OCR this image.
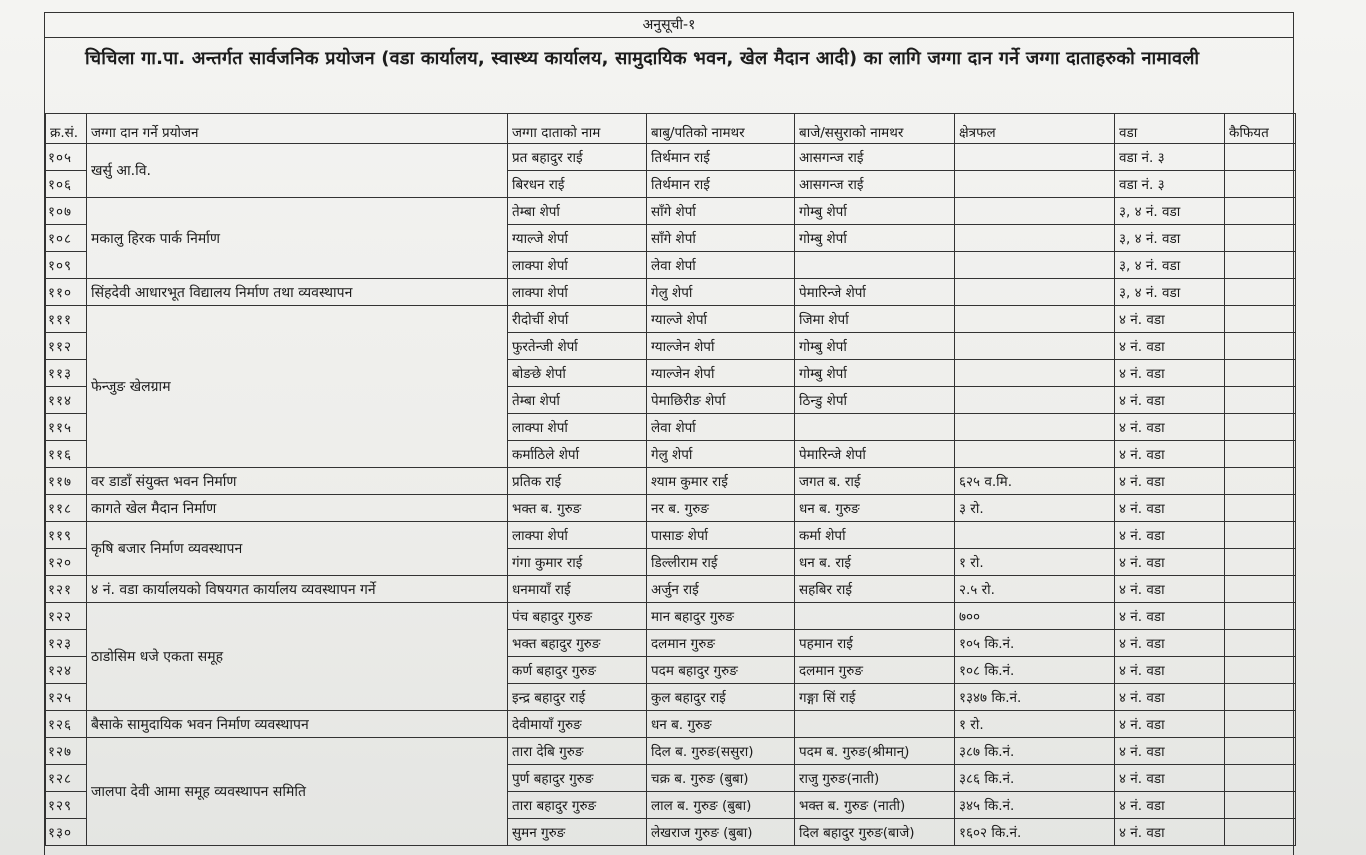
अनुसूची-१
चिचिला गा.पा. अन्तर्गत सार्वजनिक प्रयोजन (वडा कार्यालय, स्वास्थ्य कार्यालय, सामुदायिक भवन, खेल मैदान आदी) का लागि जग्गा दान गर्ने जग्गा दाताहरुको नामावली
क्र.सं.	जग्गा दान गर्ने प्रयोजन	जग्गा दाताको नाम	बाबु/पतिको नामथर	बाजे/ससुराको नामथर	क्षेत्रफल	वडा	कैफियत
१०५	खर्सु आ.वि.	प्रत बहादुर राई	तिर्थमान राई	आसगन्ज राई		वडा नं. ३	
१०६		बिरधन राई	तिर्थमान राई	आसगन्ज राई		वडा नं. ३	
१०७	मकालु हिरक पार्क निर्माण	तेम्बा शेर्पा	साँगे शेर्पा	गोम्बु शेर्पा		३, ४ नं. वडा	
१०८		ग्याल्जे शेर्पा	साँगे शेर्पा	गोम्बु शेर्पा		३, ४ नं. वडा	
१०९		लाक्पा शेर्पा	लेवा शेर्पा			३, ४ नं. वडा	
११०	सिंहदेवी आधारभूत विद्यालय निर्माण तथा व्यवस्थापन	लाक्पा शेर्पा	गेलु शेर्पा	पेमारिन्जे शेर्पा		३, ४ नं. वडा	
१११	फेन्जुङ खेलग्राम	रीदोर्ची शेर्पा	ग्याल्जे शेर्पा	जिमा शेर्पा		४ नं. वडा	
११२		फुरतेन्जी शेर्पा	ग्याल्जेन शेर्पा	गोम्बु शेर्पा		४ नं. वडा	
११३		बोङछे शेर्पा	ग्याल्जेन शेर्पा	गोम्बु शेर्पा		४ नं. वडा	
११४		तेम्बा शेर्पा	पेमाछिरीङ शेर्पा	ठिन्डु शेर्पा		४ नं. वडा	
११५		लाक्पा शेर्पा	लेवा शेर्पा			४ नं. वडा	
११६		कर्माठिले शेर्पा	गेलु शेर्पा	पेमारिन्जे शेर्पा		४ नं. वडा	
११७	वर डाडाँ संयुक्त भवन निर्माण	प्रतिक राई	श्याम कुमार राई	जगत ब. राई	६२५ व.मि.	४ नं. वडा	
११८	कागते खेल मैदान निर्माण	भक्त ब. गुरुङ	नर ब. गुरुङ	धन ब. गुरुङ	३ रो.	४ नं. वडा	
११९	कृषि बजार निर्माण व्यवस्थापन	लाक्पा शेर्पा	पासाङ शेर्पा	कर्मा शेर्पा		४ नं. वडा	
१२०		गंगा कुमार राई	डिल्लीराम राई	धन ब. राई	१ रो.	४ नं. वडा	
१२१	४ नं. वडा कार्यालयको विषयगत कार्यालय व्यवस्थापन गर्ने	धनमायाँ राई	अर्जुन राई	सहबिर राई	२.५ रो.	४ नं. वडा	
१२२	ठाडोसिम धजे एकता समूह	पंच बहादुर गुरुङ	मान बहादुर गुरुङ		७००	४ नं. वडा	
१२३		भक्त बहादुर गुरुङ	दलमान गुरुङ	पहमान राई	१०५ कि.नं.	४ नं. वडा	
१२४		कर्ण बहादुर गुरुङ	पदम बहादुर गुरुङ	दलमान गुरुङ	१०८ कि.नं.	४ नं. वडा	
१२५		इन्द्र बहादुर राई	कुल बहादुर राई	गङ्गा सिं राई	१३४७ कि.नं.	४ नं. वडा	
१२६	बैसाके सामुदायिक भवन निर्माण व्यवस्थापन	देवीमायाँ गुरुङ	धन ब. गुरुङ		१ रो.	४ नं. वडा	
१२७	जालपा देवी आमा समूह व्यवस्थापन समिति	तारा देबि गुरुङ	दिल ब. गुरुङ(ससुरा)	पदम ब. गुरुङ(श्रीमान्)	३८७ कि.नं.	४ नं. वडा	
१२८		पुर्ण बहादुर गुरुङ	चक्र ब. गुरुङ (बुबा)	राजु गुरुङ(नाती)	३८६ कि.नं.	४ नं. वडा	
१२९		तारा बहादुर गुरुङ	लाल ब. गुरुङ (बुबा)	भक्त ब. गुरुङ (नाती)	३४५ कि.नं.	४ नं. वडा	
१३०		सुमन गुरुङ	लेखराज गुरुङ (बुबा)	दिल बहादुर गुरुङ(बाजे)	१६०२ कि.नं.	४ नं. वडा	
